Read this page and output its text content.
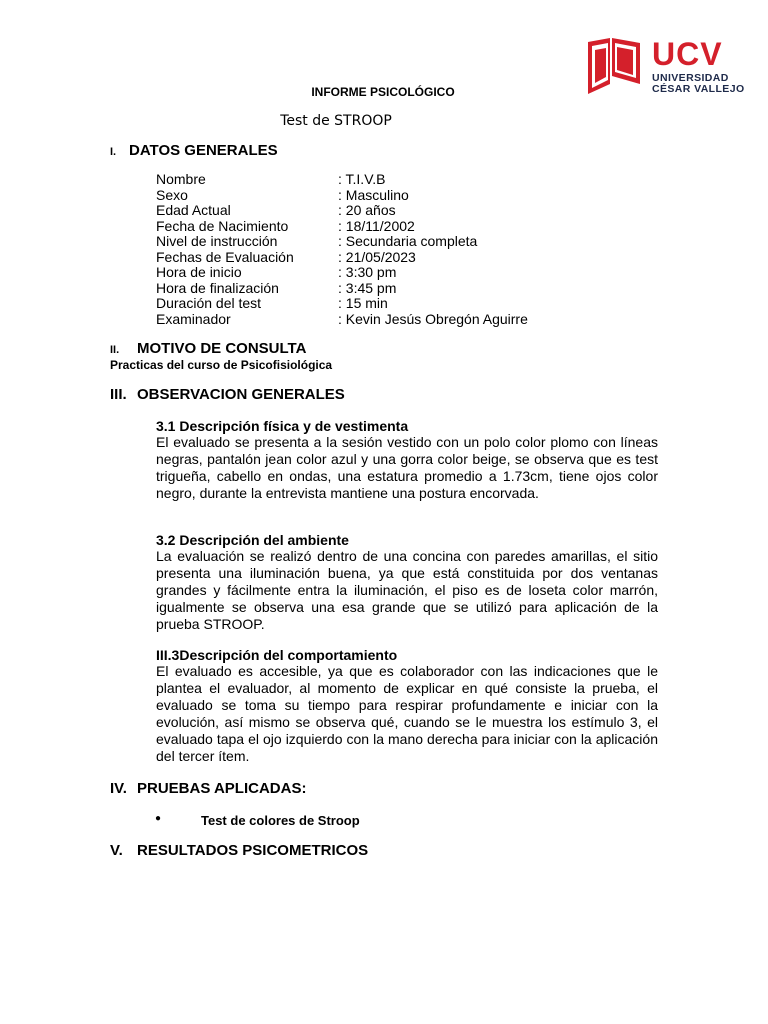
UCV
UNIVERSIDAD
CÉSAR VALLEJO
INFORME PSICOLÓGICO
Test de STROOP
I. DATOS GENERALES
Nombre	: T.I.V.B
Sexo	: Masculino
Edad Actual	: 20 años
Fecha de Nacimiento	: 18/11/2002
Nivel de instrucción	: Secundaria completa
Fechas de Evaluación	: 21/05/2023
Hora de inicio	: 3:30 pm
Hora de finalización	: 3:45 pm
Duración del test	: 15 min
Examinador	: Kevin Jesús Obregón Aguirre
II. MOTIVO DE CONSULTA
Practicas del curso de Psicofisiológica
III. OBSERVACION GENERALES
3.1 Descripción física y de vestimenta
El evaluado se presenta a la sesión vestido con un polo color plomo con líneas negras, pantalón jean color azul y una gorra color beige, se observa que es test trigueña, cabello en ondas, una estatura promedio a 1.73cm, tiene ojos color negro, durante la entrevista mantiene una postura encorvada.
3.2 Descripción del ambiente
La evaluación se realizó dentro de una concina con paredes amarillas, el sitio presenta una iluminación buena, ya que está constituida por dos ventanas grandes y fácilmente entra la iluminación, el piso es de loseta color marrón, igualmente se observa una esa grande que se utilizó para aplicación de la prueba STROOP.
III.3Descripción del comportamiento
El evaluado es accesible, ya que es colaborador con las indicaciones que le plantea el evaluador, al momento de explicar en qué consiste la prueba, el evaluado se toma su tiempo para respirar profundamente e iniciar con la evolución, así mismo se observa qué, cuando se le muestra los estímulo 3, el evaluado tapa el ojo izquierdo con la mano derecha para iniciar con la aplicación del tercer ítem.
IV. PRUEBAS APLICADAS:
●	Test de colores de Stroop
V. RESULTADOS PSICOMETRICOS
